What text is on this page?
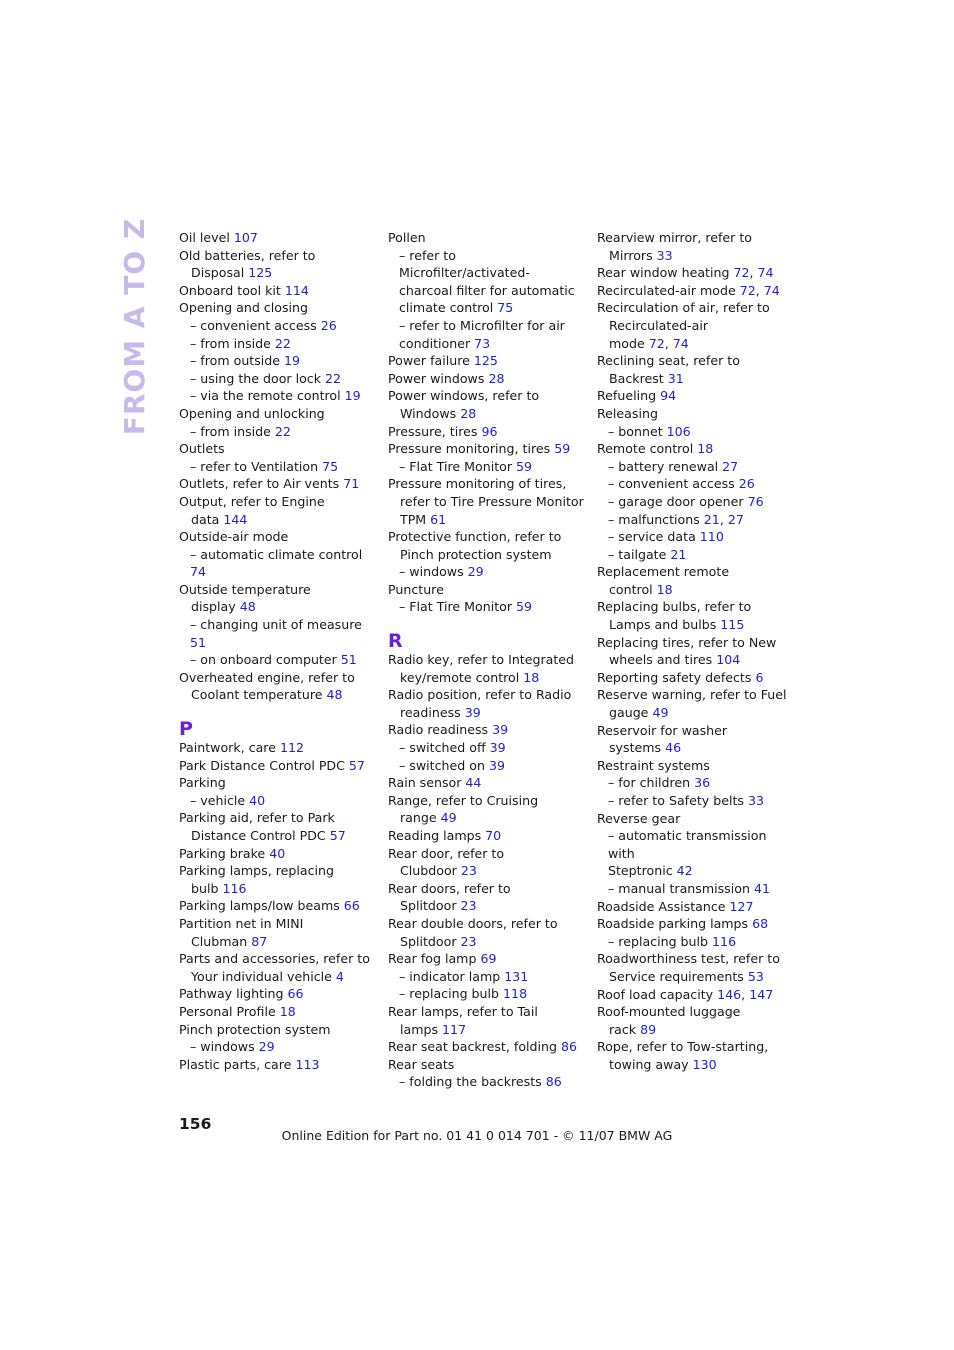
FROM A TO Z Oil level 107
Old batteries, refer to
Disposal 125
Onboard tool kit 114
Opening and closing
– convenient access 26
– from inside 22
– from outside 19
– using the door lock 22
– via the remote control 19
Opening and unlocking
– from inside 22
Outlets
– refer to Ventilation 75
Outlets, refer to Air vents 71
Output, refer to Engine
data 144
Outside-air mode
– automatic climate control 74
Outside temperature
display 48
– changing unit of measure 51
– on onboard computer 51
Overheated engine, refer to
Coolant temperature 48
P
Paintwork, care 112
Park Distance Control PDC 57
Parking
– vehicle 40
Parking aid, refer to Park
Distance Control PDC 57
Parking brake 40
Parking lamps, replacing
bulb 116
Parking lamps/low beams 66
Partition net in MINI
Clubman 87
Parts and accessories, refer to
Your individual vehicle 4
Pathway lighting 66
Personal Profile 18
Pinch protection system
– windows 29
Plastic parts, care 113
Pollen
– refer to Microfilter/activated-
charcoal filter for automatic
climate control 75
– refer to Microfilter for air
conditioner 73
Power failure 125
Power windows 28
Power windows, refer to
Windows 28
Pressure, tires 96
Pressure monitoring, tires 59
– Flat Tire Monitor 59
Pressure monitoring of tires,
refer to Tire Pressure Monitor
TPM 61
Protective function, refer to
Pinch protection system
– windows 29
Puncture
– Flat Tire Monitor 59
R
Radio key, refer to Integrated
key/remote control 18
Radio position, refer to Radio
readiness 39
Radio readiness 39
– switched off 39
– switched on 39
Rain sensor 44
Range, refer to Cruising
range 49
Reading lamps 70
Rear door, refer to
Clubdoor 23
Rear doors, refer to
Splitdoor 23
Rear double doors, refer to
Splitdoor 23
Rear fog lamp 69
– indicator lamp 131
– replacing bulb 118
Rear lamps, refer to Tail
lamps 117
Rear seat backrest, folding 86
Rear seats
– folding the backrests 86
Rearview mirror, refer to
Mirrors 33
Rear window heating 72, 74
Recirculated-air mode 72, 74
Recirculation of air, refer to
Recirculated-air
mode 72, 74
Reclining seat, refer to
Backrest 31
Refueling 94
Releasing
– bonnet 106
Remote control 18
– battery renewal 27
– convenient access 26
– garage door opener 76
– malfunctions 21, 27
– service data 110
– tailgate 21
Replacement remote
control 18
Replacing bulbs, refer to
Lamps and bulbs 115
Replacing tires, refer to New
wheels and tires 104
Reporting safety defects 6
Reserve warning, refer to Fuel
gauge 49
Reservoir for washer
systems 46
Restraint systems
– for children 36
– refer to Safety belts 33
Reverse gear
– automatic transmission with
Steptronic 42
– manual transmission 41
Roadside Assistance 127
Roadside parking lamps 68
– replacing bulb 116
Roadworthiness test, refer to
Service requirements 53
Roof load capacity 146, 147
Roof-mounted luggage
rack 89
Rope, refer to Tow-starting,
towing away 130
156
Online Edition for Part no. 01 41 0 014 701 - © 11/07 BMW AG
